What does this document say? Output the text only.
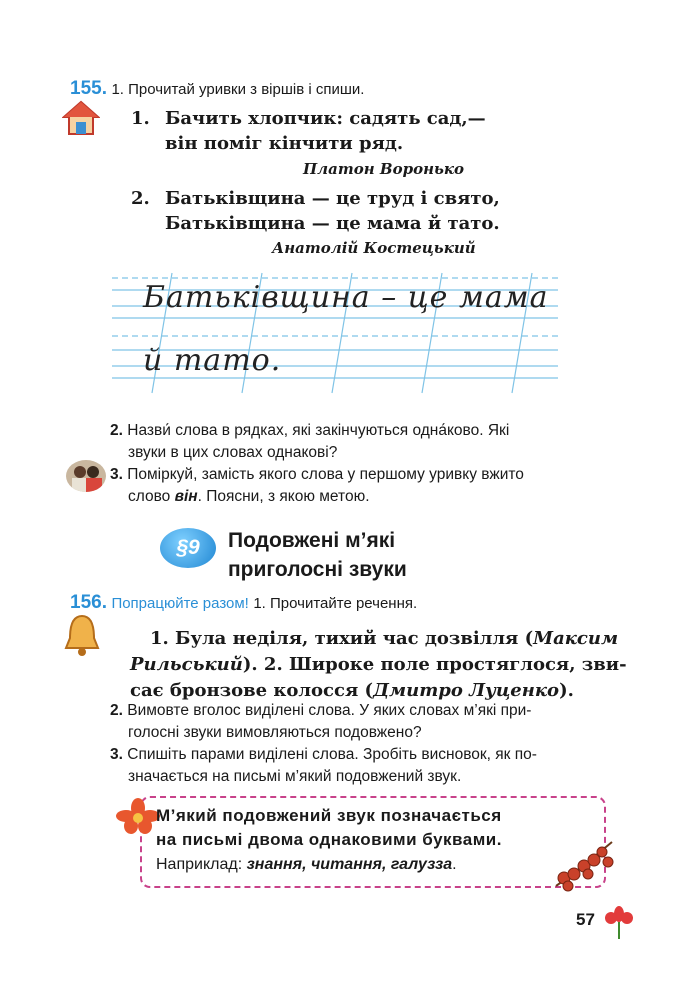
155. 1. Прочитай уривки з віршів і спиши.
1. Бачить хлопчик: садять сад,—
він поміг кінчити ряд.
Платон Воронько
2. Батьківщина — це труд і свято,
Батьківщина — це мама й тато.
Анатолій Костецький
Батьківщина – це мама
й тато.
2. Назви́ слова в рядках, які закінчуються одна́ково. Які
звуки в цих словах однакові?
3. Поміркуй, замість якого слова у першому уривку вжито
слово він. Поясни, з якою метою.
§9	Подовжені м’які
приголосні звуки
156. Попрацюйте разом! 1. Прочитайте речення.
1. Була неділя, тихий час дозвілля (Максим
Рильський). 2. Широке поле простяглося, зви-
сає бронзове колосся (Дмитро Луценко).
2. Вимовте вголос виділені слова. У яких словах м’які при-
голосні звуки вимовляються подовжено?
3. Спишіть парами виділені слова. Зробіть висновок, як по-
значається на письмі м’який подовжений звук.
М’який подовжений звук позначається
на письмі двома однаковими буквами.
Наприклад: знання, читання, галузза.
57
